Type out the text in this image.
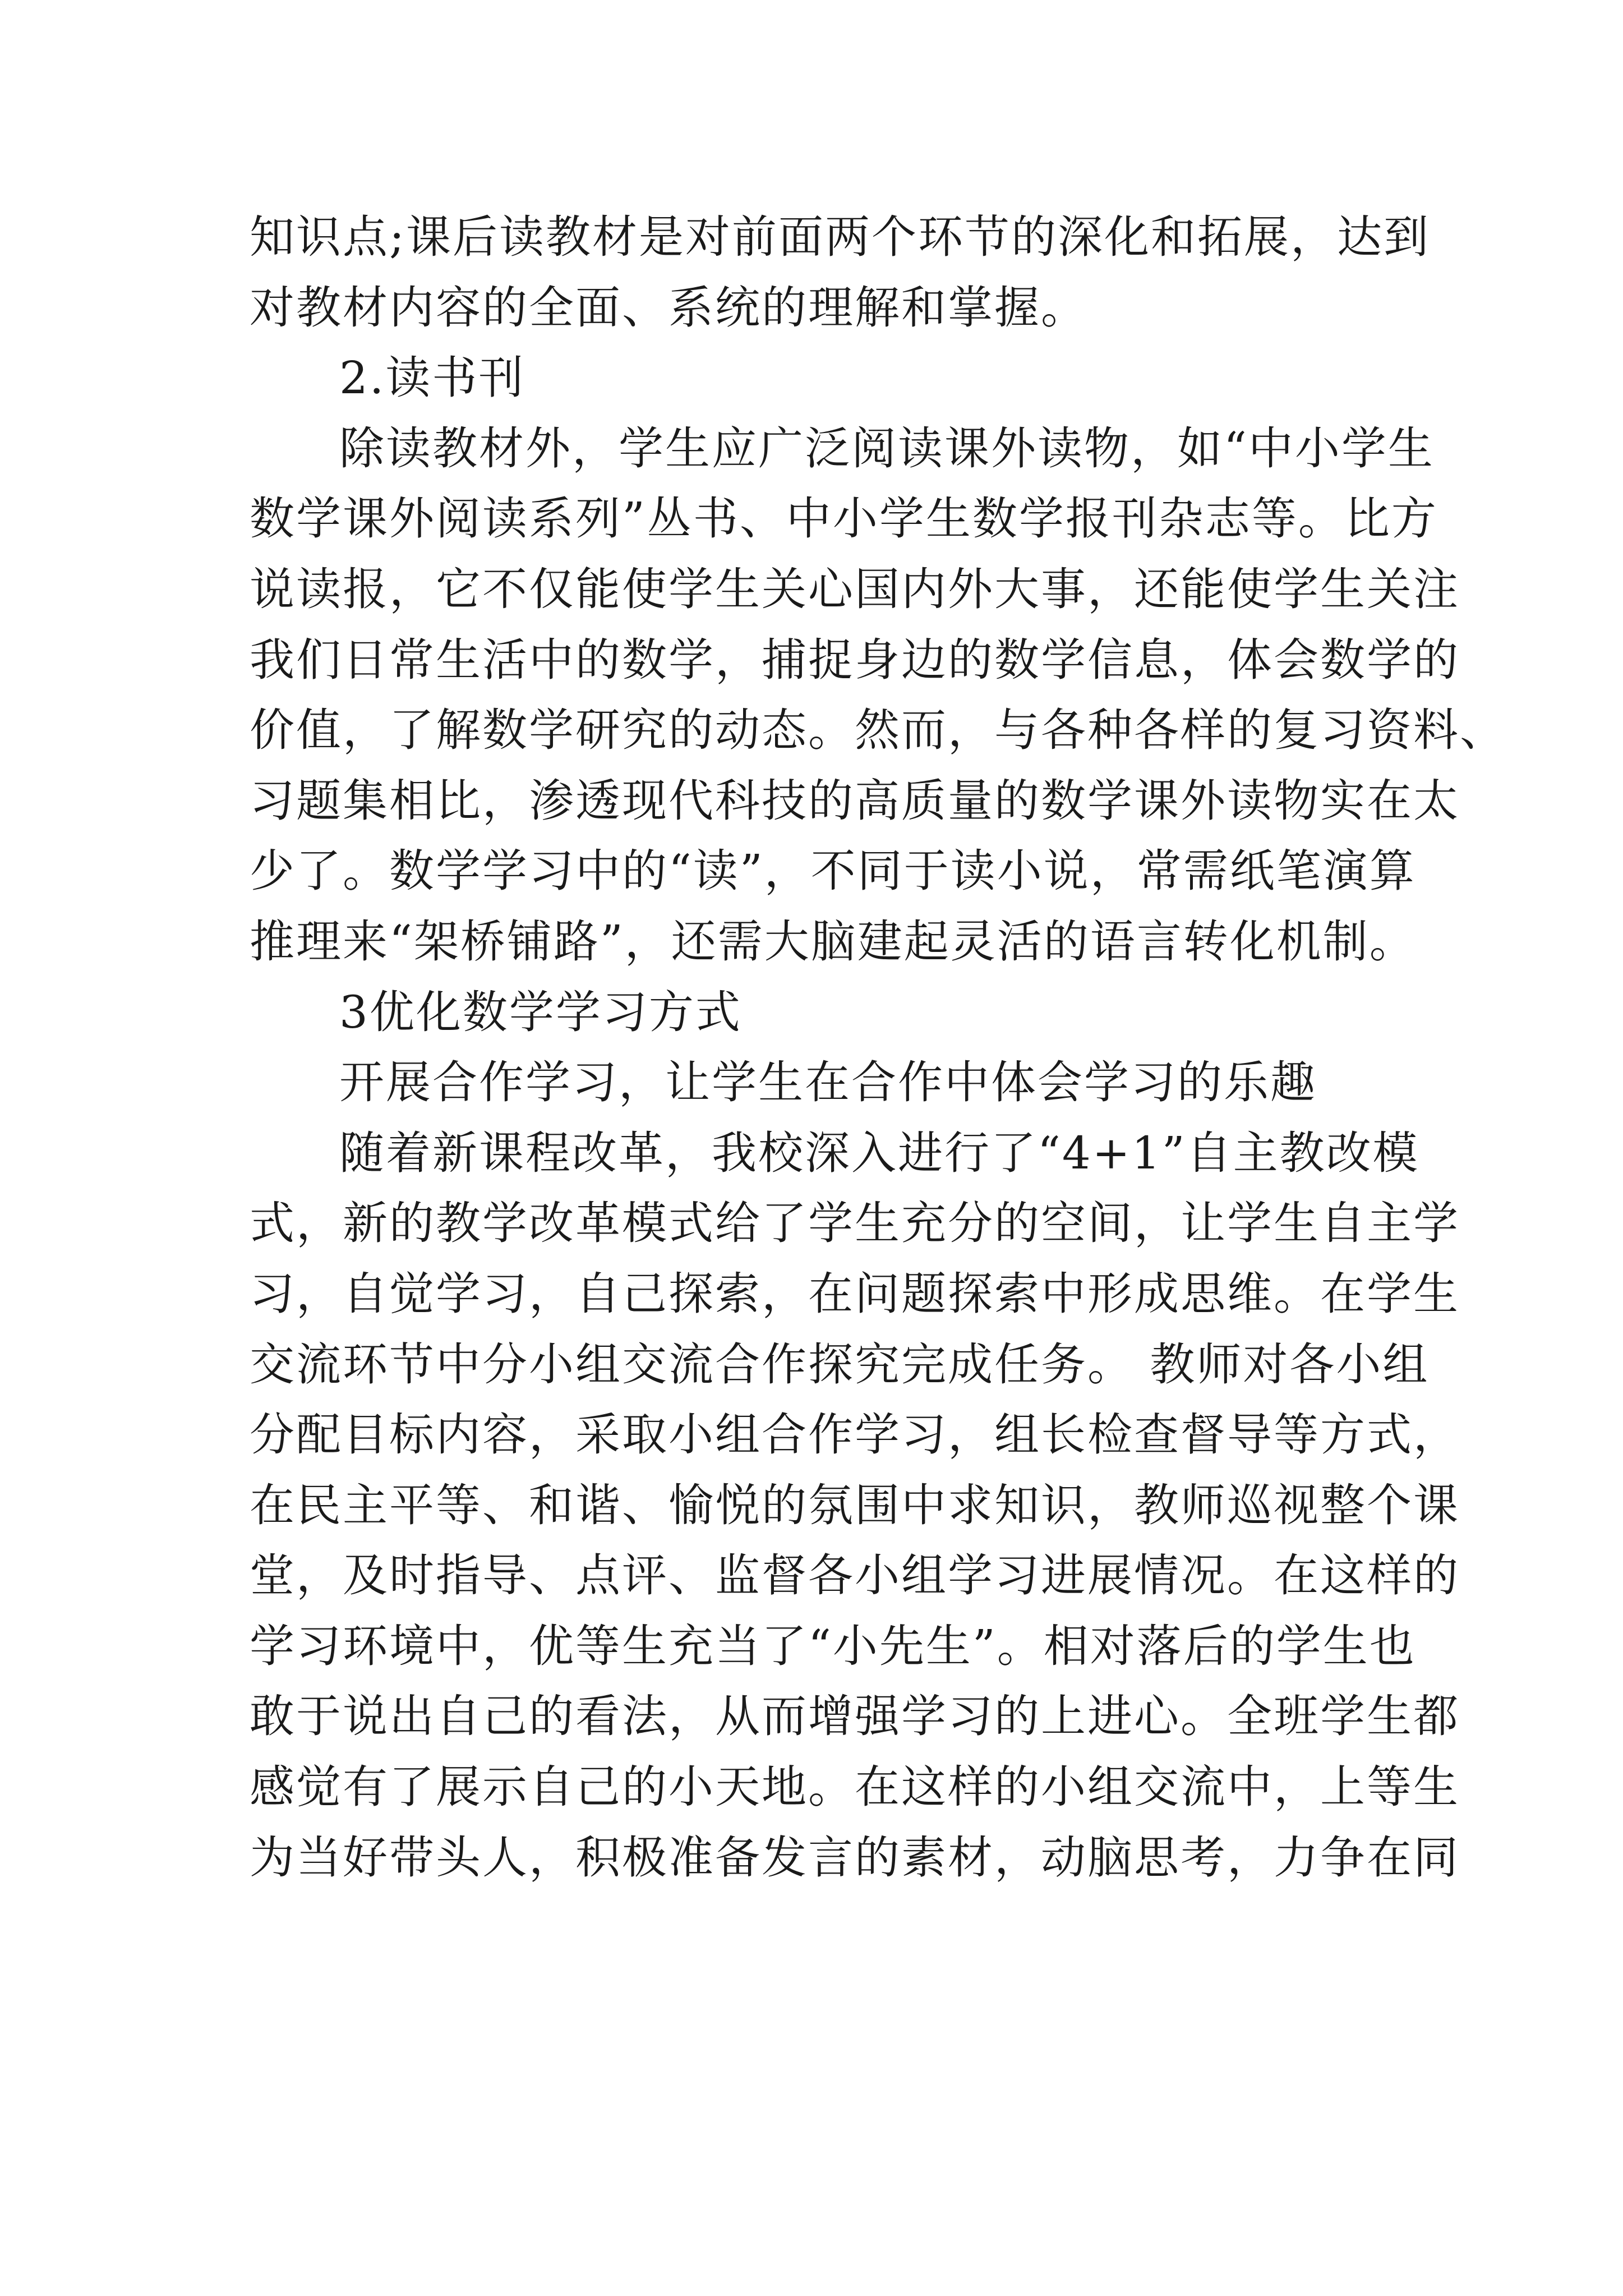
知识点;课后读教材是对前面两个环节的深化和拓展，达到
对教材内容的全面、系统的理解和掌握。
2.读书刊
除读教材外，学生应广泛阅读课外读物，如“中小学生
数学课外阅读系列”丛书、中小学生数学报刊杂志等。比方
说读报，它不仅能使学生关心国内外大事，还能使学生关注
我们日常生活中的数学，捕捉身边的数学信息，体会数学的
价值，了解数学研究的动态。然而，与各种各样的复习资料、
习题集相比，渗透现代科技的高质量的数学课外读物实在太
少了。数学学习中的“读”，不同于读小说，常需纸笔演算
推理来“架桥铺路”，还需大脑建起灵活的语言转化机制。
3优化数学学习方式
开展合作学习，让学生在合作中体会学习的乐趣
随着新课程改革，我校深入进行了“4+1”自主教改模
式，新的教学改革模式给了学生充分的空间，让学生自主学
习，自觉学习，自己探索，在问题探索中形成思维。在学生
交流环节中分小组交流合作探究完成任务。 教师对各小组
分配目标内容，采取小组合作学习，组长检查督导等方式，
在民主平等、和谐、愉悦的氛围中求知识，教师巡视整个课
堂，及时指导、点评、监督各小组学习进展情况。在这样的
学习环境中，优等生充当了“小先生”。相对落后的学生也
敢于说出自己的看法，从而增强学习的上进心。全班学生都
感觉有了展示自己的小天地。在这样的小组交流中，上等生
为当好带头人，积极准备发言的素材，动脑思考，力争在同
